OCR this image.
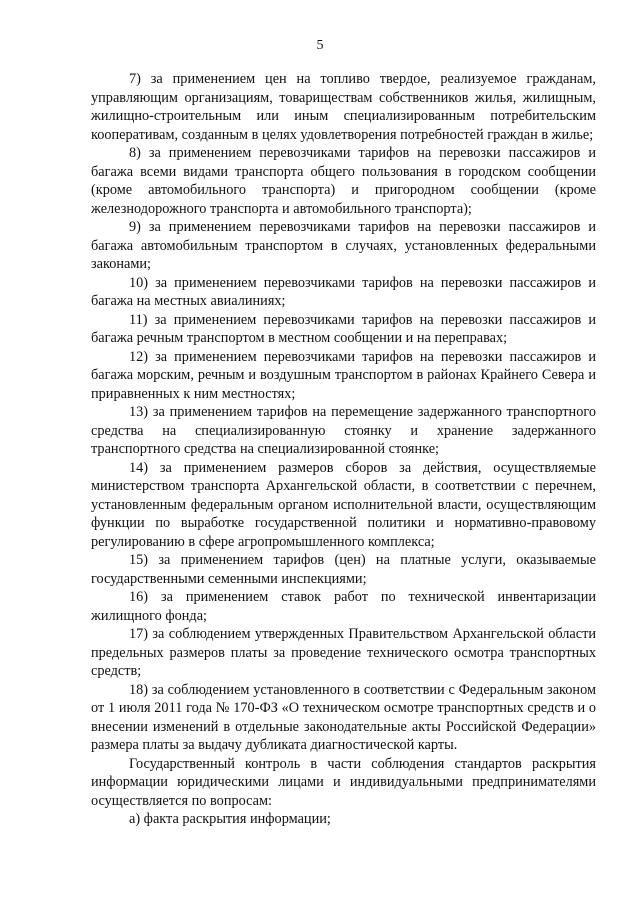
5

7) за применением цен на топливо твердое, реализуемое гражданам, управляющим организациям, товариществам собственников жилья, жилищным, жилищно-строительным или иным специализированным потребительским кооперативам, созданным в целях удовлетворения потребностей граждан в жилье;

8) за применением перевозчиками тарифов на перевозки пассажиров и багажа всеми видами транспорта общего пользования в городском сообщении (кроме автомобильного транспорта) и пригородном сообщении (кроме железнодорожного транспорта и автомобильного транспорта);

9) за применением перевозчиками тарифов на перевозки пассажиров и багажа автомобильным транспортом в случаях, установленных федеральными законами;

10) за применением перевозчиками тарифов на перевозки пассажиров и багажа на местных авиалиниях;

11) за применением перевозчиками тарифов на перевозки пассажиров и багажа речным транспортом в местном сообщении и на переправах;

12) за применением перевозчиками тарифов на перевозки пассажиров и багажа морским, речным и воздушным транспортом в районах Крайнего Севера и приравненных к ним местностях;

13) за применением тарифов на перемещение задержанного транспортного средства на специализированную стоянку и хранение задержанного транспортного средства на специализированной стоянке;

14) за применением размеров сборов за действия, осуществляемые министерством транспорта Архангельской области, в соответствии с перечнем, установленным федеральным органом исполнительной власти, осуществляющим функции по выработке государственной политики и нормативно-правовому регулированию в сфере агропромышленного комплекса;

15) за применением тарифов (цен) на платные услуги, оказываемые государственными семенными инспекциями;

16) за применением ставок работ по технической инвентаризации жилищного фонда;

17) за соблюдением утвержденных Правительством Архангельской области предельных размеров платы за проведение технического осмотра транспортных средств;

18) за соблюдением установленного в соответствии с Федеральным законом от 1 июля 2011 года № 170-ФЗ «О техническом осмотре транспортных средств и о внесении изменений в отдельные законодательные акты Российской Федерации» размера платы за выдачу дубликата диагностической карты.

Государственный контроль в части соблюдения стандартов раскрытия информации юридическими лицами и индивидуальными предпринимателями осуществляется по вопросам:

а) факта раскрытия информации;
